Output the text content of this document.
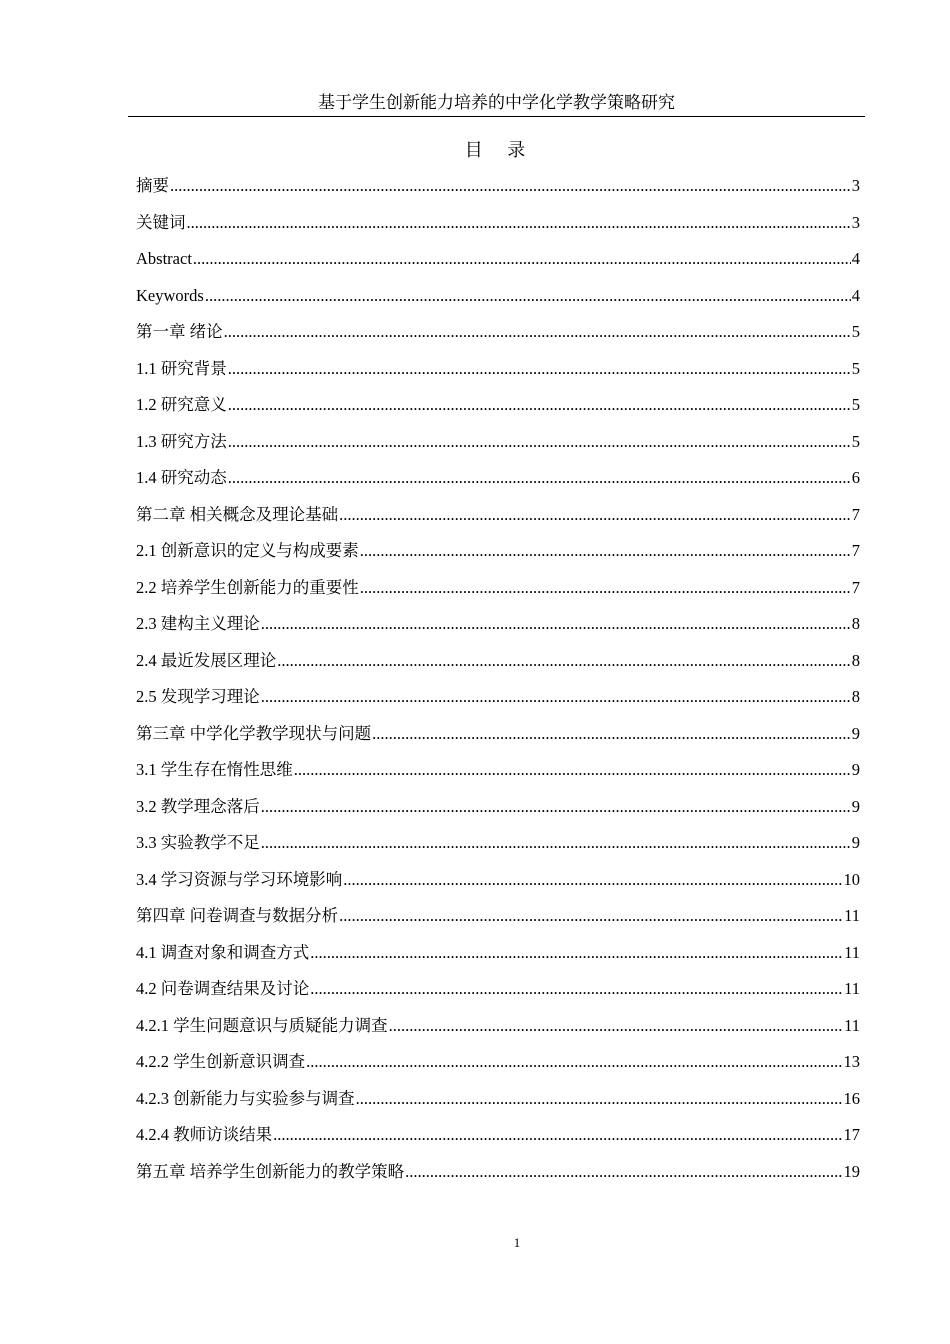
基于学生创新能力培养的中学化学教学策略研究
目 录
摘要 .....	3
关键词 .....	3
Abstract .....	4
Keywords .....	4
第一章 绪论 .....	5
1.1 研究背景 .....	5
1.2 研究意义 .....	5
1.3 研究方法 .....	5
1.4 研究动态 .....	6
第二章 相关概念及理论基础 .....	7
2.1 创新意识的定义与构成要素 .....	7
2.2 培养学生创新能力的重要性 .....	7
2.3 建构主义理论 .....	8
2.4 最近发展区理论 .....	8
2.5 发现学习理论 .....	8
第三章 中学化学教学现状与问题 .....	9
3.1 学生存在惰性思维 .....	9
3.2 教学理念落后 .....	9
3.3 实验教学不足 .....	9
3.4 学习资源与学习环境影响 .....	10
第四章 问卷调查与数据分析 .....	11
4.1 调查对象和调查方式 .....	11
4.2 问卷调查结果及讨论 .....	11
4.2.1 学生问题意识与质疑能力调查 .....	11
4.2.2 学生创新意识调查 .....	13
4.2.3 创新能力与实验参与调查 .....	16
4.2.4 教师访谈结果 .....	17
第五章 培养学生创新能力的教学策略 .....	19
1
